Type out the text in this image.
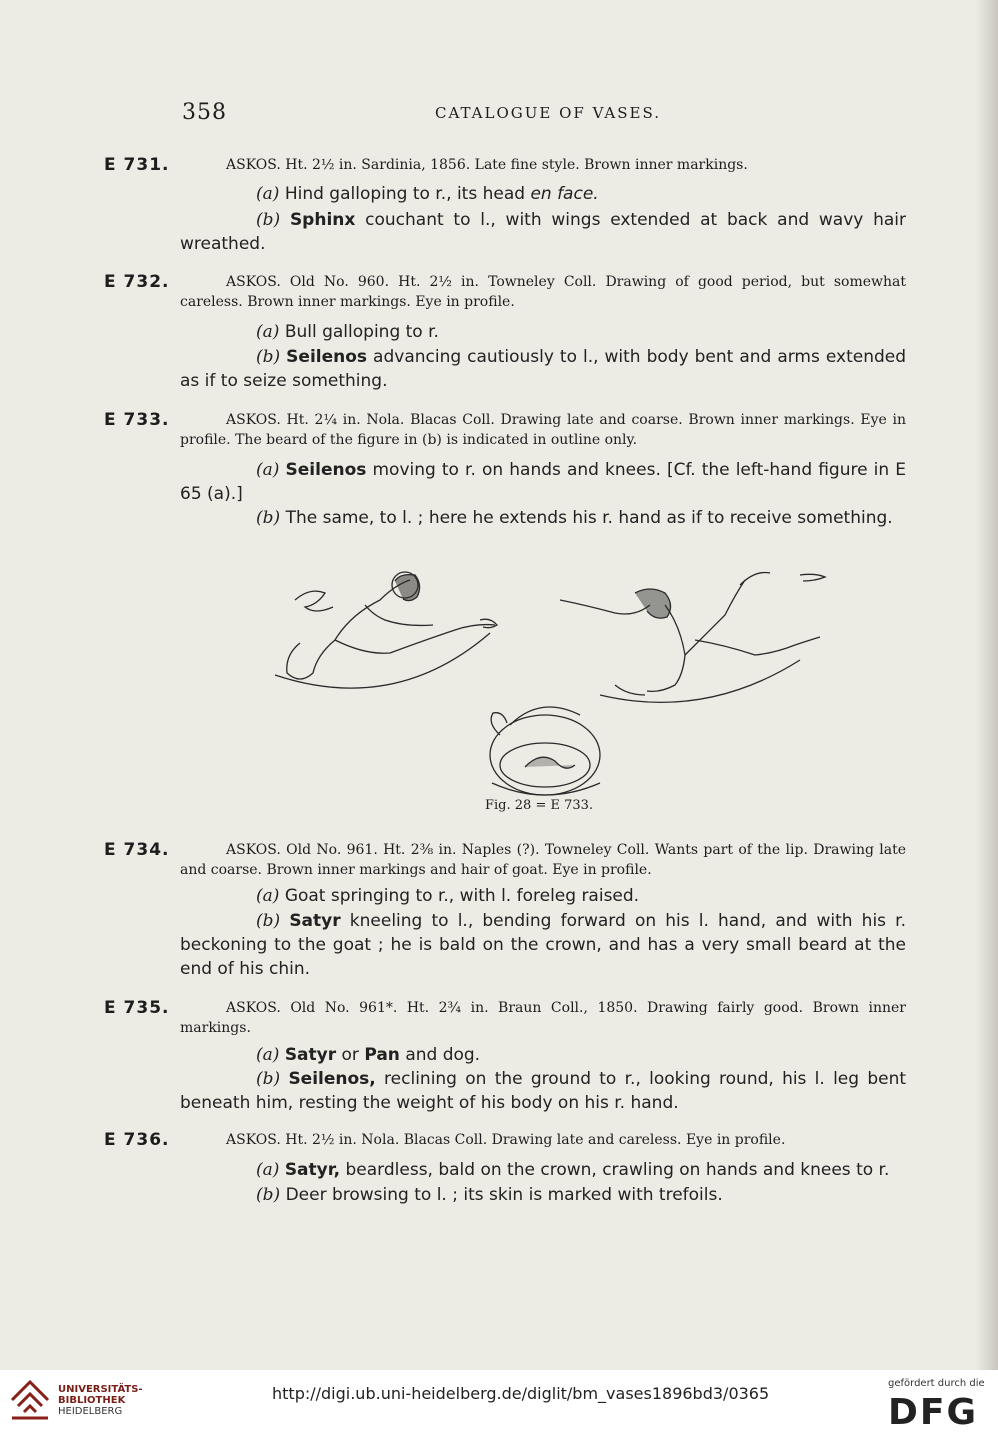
358	CATALOGUE OF VASES.
E 731.	ASKOS. Ht. 2½ in. Sardinia, 1856. Late fine style. Brown inner markings.
(a) Hind galloping to r., its head en face.
(b) Sphinx couchant to l., with wings extended at back and wavy hair wreathed.
E 732.	ASKOS. Old No. 960. Ht. 2½ in. Towneley Coll. Drawing of good period, but somewhat careless. Brown inner markings. Eye in profile.
(a) Bull galloping to r.
(b) Seilenos advancing cautiously to l., with body bent and arms extended as if to seize something.
E 733.	ASKOS. Ht. 2¼ in. Nola. Blacas Coll. Drawing late and coarse. Brown inner markings. Eye in profile. The beard of the figure in (b) is indicated in outline only.
(a) Seilenos moving to r. on hands and knees. [Cf. the left-hand figure in E 65 (a).]
(b) The same, to l. ; here he extends his r. hand as if to receive something.
Fig. 28 = E 733.
E 734.	ASKOS. Old No. 961. Ht. 2⅜ in. Naples (?). Towneley Coll. Wants part of the lip. Drawing late and coarse. Brown inner markings and hair of goat. Eye in profile.
(a) Goat springing to r., with l. foreleg raised.
(b) Satyr kneeling to l., bending forward on his l. hand, and with his r. beckoning to the goat ; he is bald on the crown, and has a very small beard at the end of his chin.
E 735.	ASKOS. Old No. 961*. Ht. 2¾ in. Braun Coll., 1850. Drawing fairly good. Brown inner markings.
(a) Satyr or Pan and dog.
(b) Seilenos, reclining on the ground to r., looking round, his l. leg bent beneath him, resting the weight of his body on his r. hand.
E 736.	ASKOS. Ht. 2½ in. Nola. Blacas Coll. Drawing late and careless. Eye in profile.
(a) Satyr, beardless, bald on the crown, crawling on hands and knees to r.
(b) Deer browsing to l. ; its skin is marked with trefoils.
UNIVERSITÄTS-
BIBLIOTHEK
HEIDELBERG
http://digi.ub.uni-heidelberg.de/diglit/bm_vases1896bd3/0365
gefördert durch die
DFG
